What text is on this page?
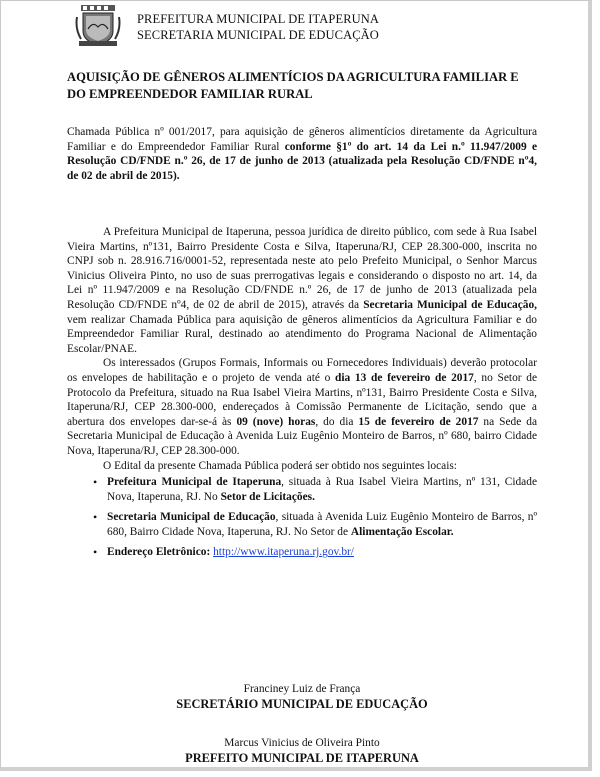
PREFEITURA MUNICIPAL DE ITAPERUNA
SECRETARIA MUNICIPAL DE EDUCAÇÃO
AQUISIÇÃO DE GÊNEROS ALIMENTÍCIOS DA AGRICULTURA FAMILIAR E DO EMPREENDEDOR FAMILIAR RURAL
Chamada Pública nº 001/2017, para aquisição de gêneros alimentícios diretamente da Agricultura Familiar e do Empreendedor Familiar Rural conforme §1º do art. 14 da Lei n.º 11.947/2009 e Resolução CD/FNDE n.º 26, de 17 de junho de 2013 (atualizada pela Resolução CD/FNDE nº4, de 02 de abril de 2015).

A Prefeitura Municipal de Itaperuna, pessoa jurídica de direito público, com sede à Rua Isabel Vieira Martins, nº131, Bairro Presidente Costa e Silva, Itaperuna/RJ, CEP 28.300-000, inscrita no CNPJ sob n. 28.916.716/0001-52, representada neste ato pelo Prefeito Municipal, o Senhor Marcus Vinicius Oliveira Pinto, no uso de suas prerrogativas legais e considerando o disposto no art. 14, da Lei nº 11.947/2009 e na Resolução CD/FNDE n.º 26, de 17 de junho de 2013 (atualizada pela Resolução CD/FNDE nº4, de 02 de abril de 2015), através da Secretaria Municipal de Educação, vem realizar Chamada Pública para aquisição de gêneros alimentícios da Agricultura Familiar e do Empreendedor Familiar Rural, destinado ao atendimento do Programa Nacional de Alimentação Escolar/PNAE.

Os interessados (Grupos Formais, Informais ou Fornecedores Individuais) deverão protocolar os envelopes de habilitação e o projeto de venda até o dia 13 de fevereiro de 2017, no Setor de Protocolo da Prefeitura, situado na Rua Isabel Vieira Martins, nº131, Bairro Presidente Costa e Silva, Itaperuna/RJ, CEP 28.300-000, endereçados à Comissão Permanente de Licitação, sendo que a abertura dos envelopes dar-se-á às 09 (nove) horas, do dia 15 de fevereiro de 2017 na Sede da Secretaria Municipal de Educação à Avenida Luiz Eugênio Monteiro de Barros, nº 680, bairro Cidade Nova, Itaperuna/RJ, CEP 28.300-000.

O Edital da presente Chamada Pública poderá ser obtido nos seguintes locais:

• Prefeitura Municipal de Itaperuna, situada à Rua Isabel Vieira Martins, nº 131, Cidade Nova, Itaperuna, RJ. No Setor de Licitações.
• Secretaria Municipal de Educação, situada à Avenida Luiz Eugênio Monteiro de Barros, nº 680, Bairro Cidade Nova, Itaperuna, RJ. No Setor de Alimentação Escolar.
• Endereço Eletrônico: http://www.itaperuna.rj.gov.br/
Franciney Luiz de França
SECRETÁRIO MUNICIPAL DE EDUCAÇÃO
Marcus Vinicius de Oliveira Pinto
PREFEITO MUNICIPAL DE ITAPERUNA
